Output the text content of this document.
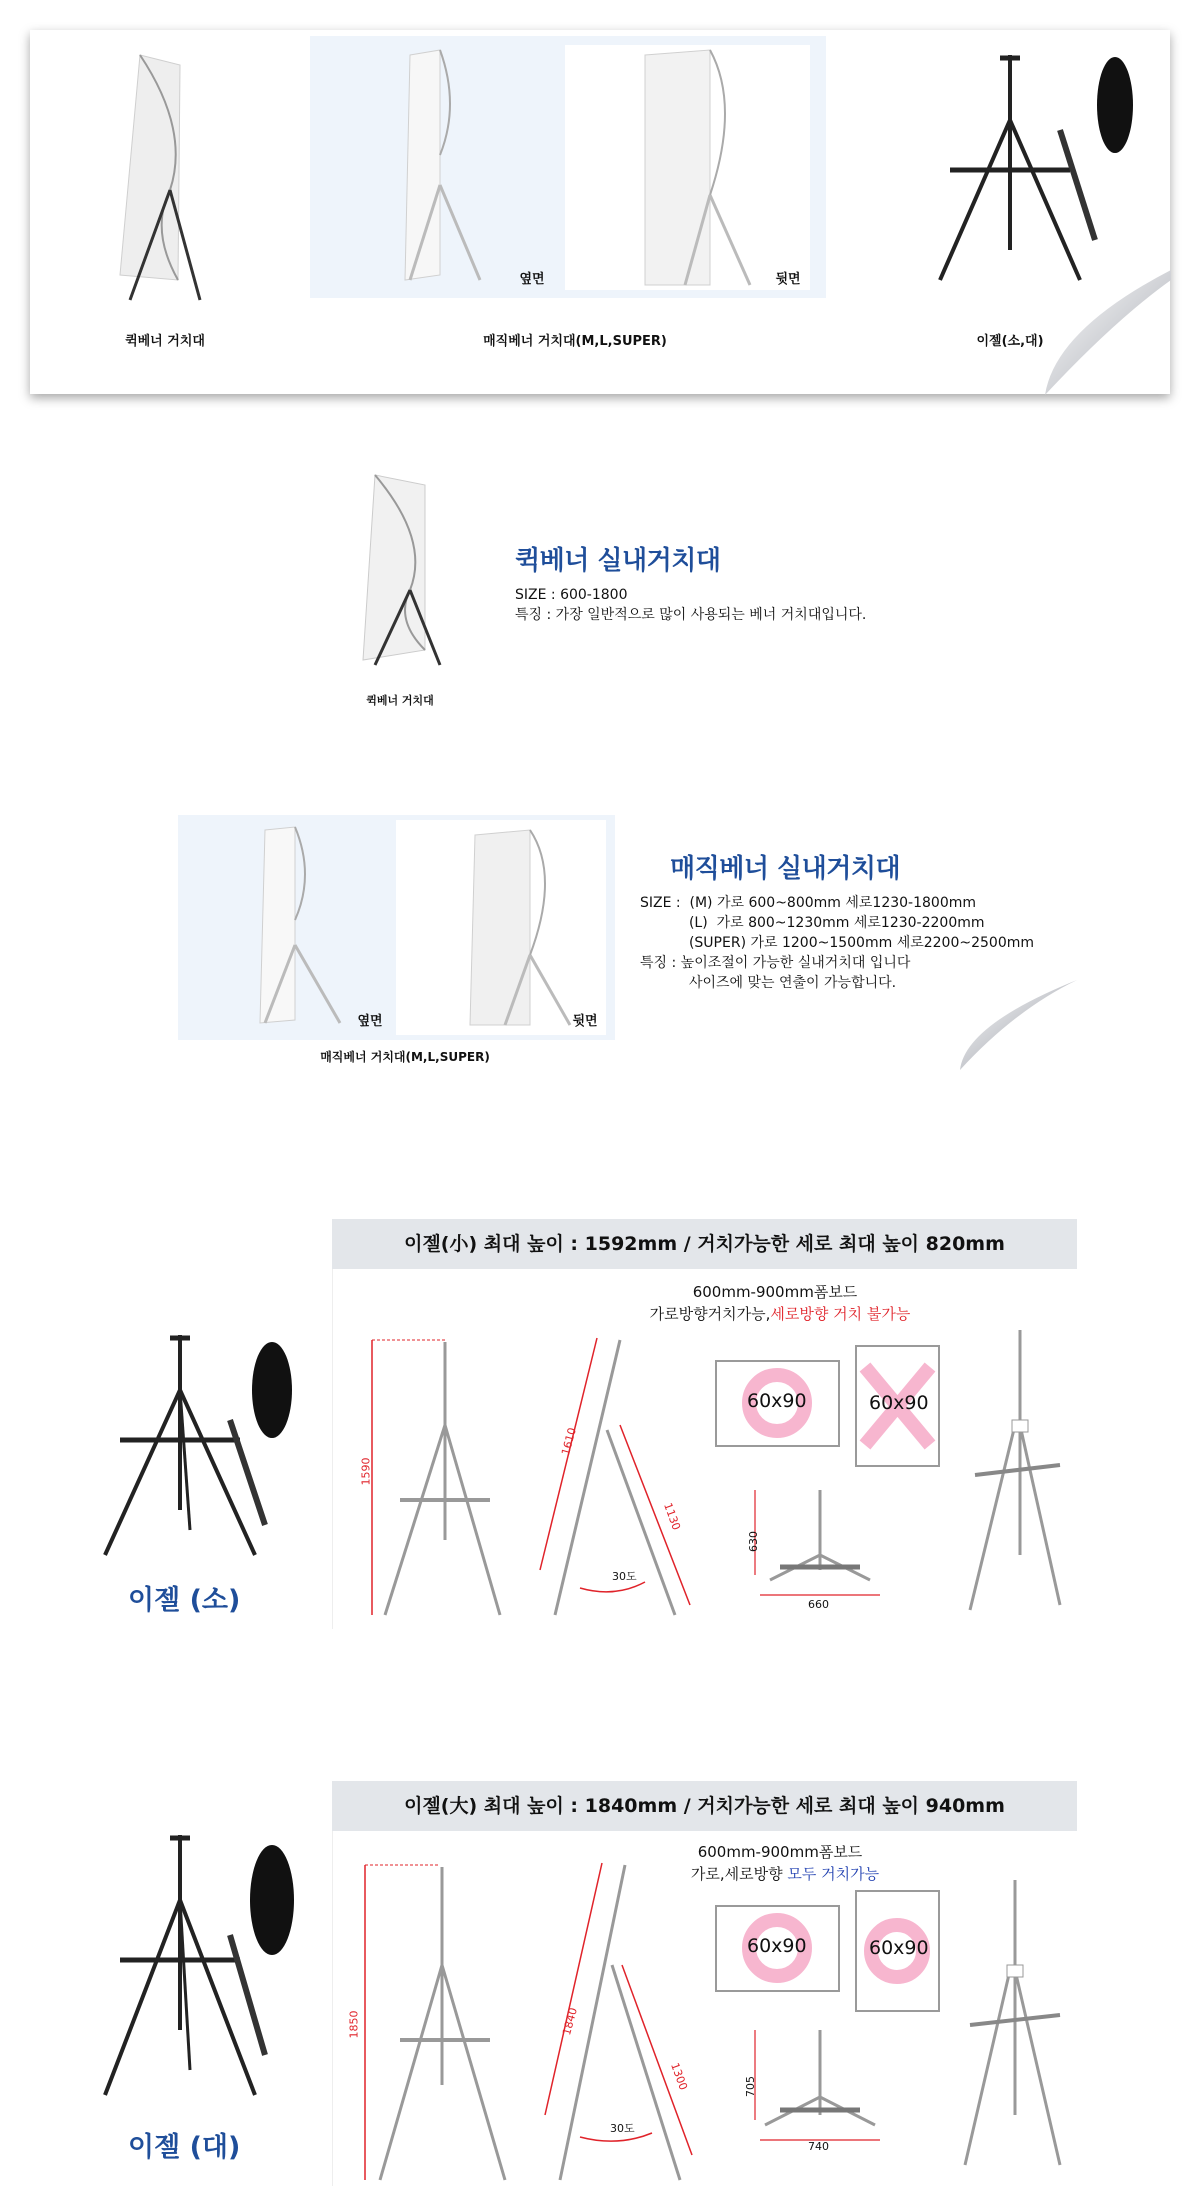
퀵베너 거치대
옆면	뒷면
매직베너 거치대(M,L,SUPER)	이젤(소,대)
퀵베너 거치대
퀵베너 실내거치대
SIZE : 600-1800
특징 : 가장 일반적으로 많이 사용되는 베너 거치대입니다.
옆면	뒷면
매직베너 거치대(M,L,SUPER)
매직베너 실내거치대
SIZE :  (M) 가로 600~800mm 세로1230-1800mm
(L)  가로 800~1230mm 세로1230-2200mm
(SUPER) 가로 1200~1500mm 세로2200~2500mm
특징 : 높이조절이 가능한 실내거치대 입니다
사이즈에 맞는 연출이 가능합니다.
이젤(小) 최대 높이 : 1592mm / 거치가능한 세로 최대 높이 820mm
이젤 (소)
1590
1610
1130
30도
600mm-900mm폼보드
가로방향거치가능,세로방향 거치 불가능
60x90	60x90
630
660
이젤(大) 최대 높이 : 1840mm / 거치가능한 세로 최대 높이 940mm
이젤 (대)
1850	1840
1300
30도
600mm-900mm폼보드
가로,세로방향 모두 거치가능
60x90	60x90
705
740
